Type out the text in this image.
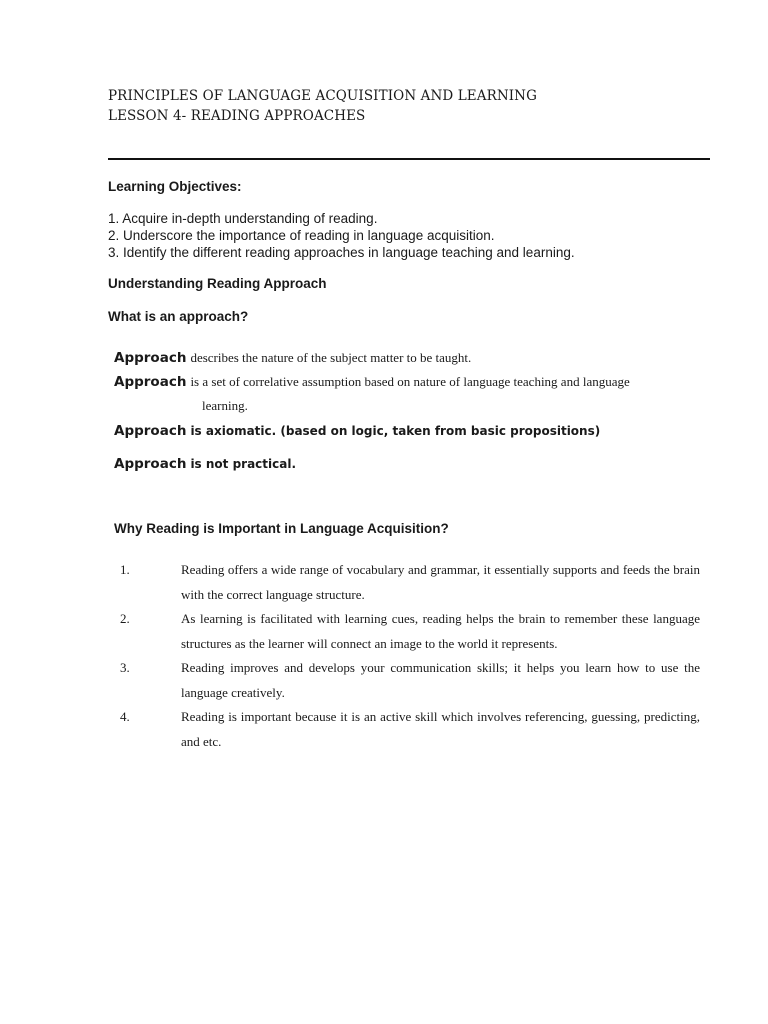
PRINCIPLES OF LANGUAGE ACQUISITION AND LEARNING
LESSON 4- READING APPROACHES
Learning Objectives:
1. Acquire in-depth understanding of reading.
2. Underscore the importance of reading in language acquisition.
3. Identify the different reading approaches in language teaching and learning.
Understanding Reading Approach
What is an approach?
Approach describes the nature of the subject matter to be taught.
Approach is a set of correlative assumption based on nature of language teaching and language
learning.
Approach is axiomatic. (based on logic, taken from basic propositions)
Approach is not practical.
Why Reading is Important in Language Acquisition?
1.	Reading offers a wide range of vocabulary and grammar, it essentially supports and feeds the brain with the correct language structure.
2.	As learning is facilitated with learning cues, reading helps the brain to remember these language structures as the learner will connect an image to the world it represents.
3.	Reading improves and develops your communication skills; it helps you learn how to use the language creatively.
4.	Reading is important because it is an active skill which involves referencing, guessing, predicting, and etc.
